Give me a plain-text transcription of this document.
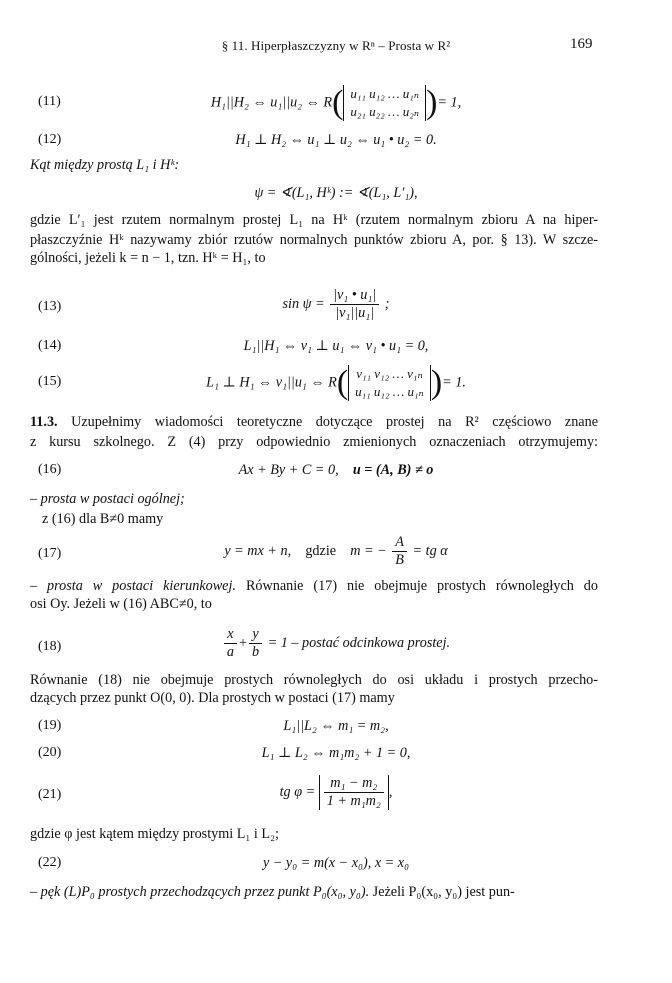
§ 11. Hiperpłaszczyzny w Rⁿ – Prosta w R²	169
(11)	H₁||H₂ ⇔ u₁||u₂ ⇔ R( u₁₁ u₁₂ … u₁ₙ
u₂₁ u₂₂ … u₂ₙ )= 1,
(12)	H₁ ⊥ H₂ ⇔ u₁ ⊥ u₂ ⇔ u₁ • u₂ = 0.
Kąt między prostą L₁ i Hᵏ:
ψ = ∢(L₁, Hᵏ) := ∢(L₁, L′₁),
gdzie L′₁ jest rzutem normalnym prostej L₁ na Hᵏ (rzutem normalnym zbioru A na hiper-
płaszczyźnie Hᵏ nazywamy zbiór rzutów normalnych punktów zbioru A, por. § 13). W szcze-
gólności, jeżeli k = n − 1, tzn. Hᵏ = H₁, to
(13)	$\sin \psi = \frac{\text{|v₁ • u₁|}}{\text{|v₁||u₁|}}$ ;
(14)	L₁||H₁ ⇔ v₁ ⊥ u₁ ⇔ v₁ • u₁ = 0,
(15)	L₁ ⊥ H₁ ⇔ v₁||u₁ ⇔ R( v₁₁ v₁₂ … v₁ₙ
u₁₁ u₁₂ … u₁ₙ )= 1.
11.3. Uzupełnimy wiadomości teoretyczne dotyczące prostej na R² częściowo znane
z kursu szkolnego. Z (4) przy odpowiednio zmienionych oznaczeniach otrzymujemy:
(16)	Ax + By + C = 0, u = (A, B) ≠ o
– prosta w postaci ogólnej;
z (16) dla B≠0 mamy
(17)	y = mx + n, gdzie m = − $\frac{A}{B}$ = tg α
– prosta w postaci kierunkowej. Równanie (17) nie obejmuje prostych równoległych do
osi Oy. Jeżeli w (16) ABC≠0, to
(18)	$\frac{x}{a} + \frac{y}{b} = 1$ – postać odcinkowa prostej.
Równanie (18) nie obejmuje prostych równoległych do osi układu i prostych przecho-
dzących przez punkt O(0, 0). Dla prostych w postaci (17) mamy
(19)	L₁||L₂ ⇔ m₁ = m₂,
(20)	L₁ ⊥ L₂ ⇔ m₁m₂ + 1 = 0,
(21)	tg $\varphi = \frac{\text{m₁ − m₂}}{\text{1 + m₁m₂}}$ ,
gdzie φ jest kątem między prostymi L₁ i L₂;
(22)	y − y₀ = m(x − x₀), x = x₀
– pęk (L)P₀ prostych przechodzących przez punkt P₀(x₀, y₀). Jeżeli P₀(x₀, y₀) jest pun-
